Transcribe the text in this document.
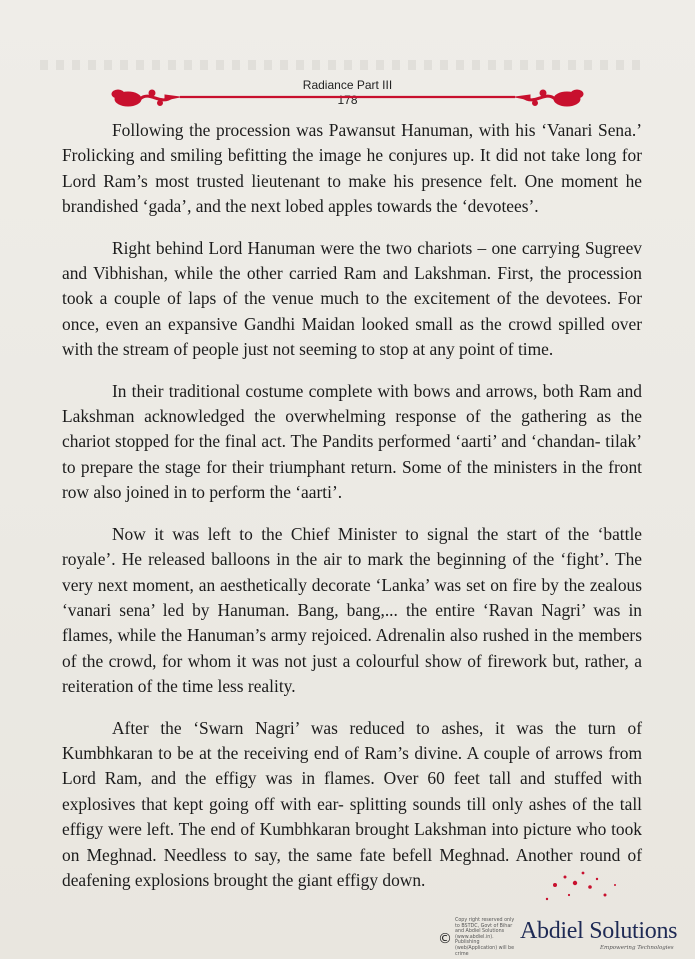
Radiance Part III
178

Following the procession was Pawansut Hanuman, with his ‘Vanari Sena.’ Frolicking and smiling befitting the image he conjures up. It did not take long for Lord Ram’s most trusted lieutenant to make his presence felt. One moment he brandished ‘gada’, and the next lobed apples towards the ‘devotees’.

Right behind Lord Hanuman were the two chariots – one carrying Sugreev and Vibhishan, while the other carried Ram and Lakshman. First, the procession took a couple of laps of the venue much to the excitement of the devotees. For once, even an expansive Gandhi Maidan looked small as the crowd spilled over with the stream of people just not seeming to stop at any point of time.

In their traditional costume complete with bows and arrows, both Ram and Lakshman acknowledged the overwhelming response of the gathering as the chariot stopped for the final act. The Pandits performed ‘aarti’ and ‘chandan- tilak’ to prepare the stage for their triumphant return. Some of the ministers in the front row also joined in to perform the ‘aarti’.

Now it was left to the Chief Minister to signal the start of the ‘battle royale’. He released balloons in the air to mark the beginning of the ‘fight’. The very next moment, an aesthetically decorate ‘Lanka’ was set on fire by the zealous ‘vanari sena’ led by Hanuman. Bang, bang,... the entire ‘Ravan Nagri’ was in flames, while the Hanuman’s army rejoiced. Adrenalin also rushed in the members of the crowd, for whom it was not just a colourful show of firework but, rather, a reiteration of the time less reality.

After the ‘Swarn Nagri’ was reduced to ashes, it was the turn of Kumbhkaran to be at the receiving end of Ram’s divine. A couple of arrows from Lord Ram, and the effigy was in flames. Over 60 feet tall and stuffed with explosives that kept going off with ear- splitting sounds till only ashes of the tall effigy were left. The end of Kumbhkaran brought Lakshman into picture who took on Meghnad. Needless to say, the same fate befell Meghnad. Another round of deafening explosions brought the giant effigy down.

Copy right reserved only to BSTDC, Govt of Bihar and Abdiel Solutions (www.abdiel.in). Publishing (web/Application) will be crime
©	Abdiel Solutions
Empowering Technologies
